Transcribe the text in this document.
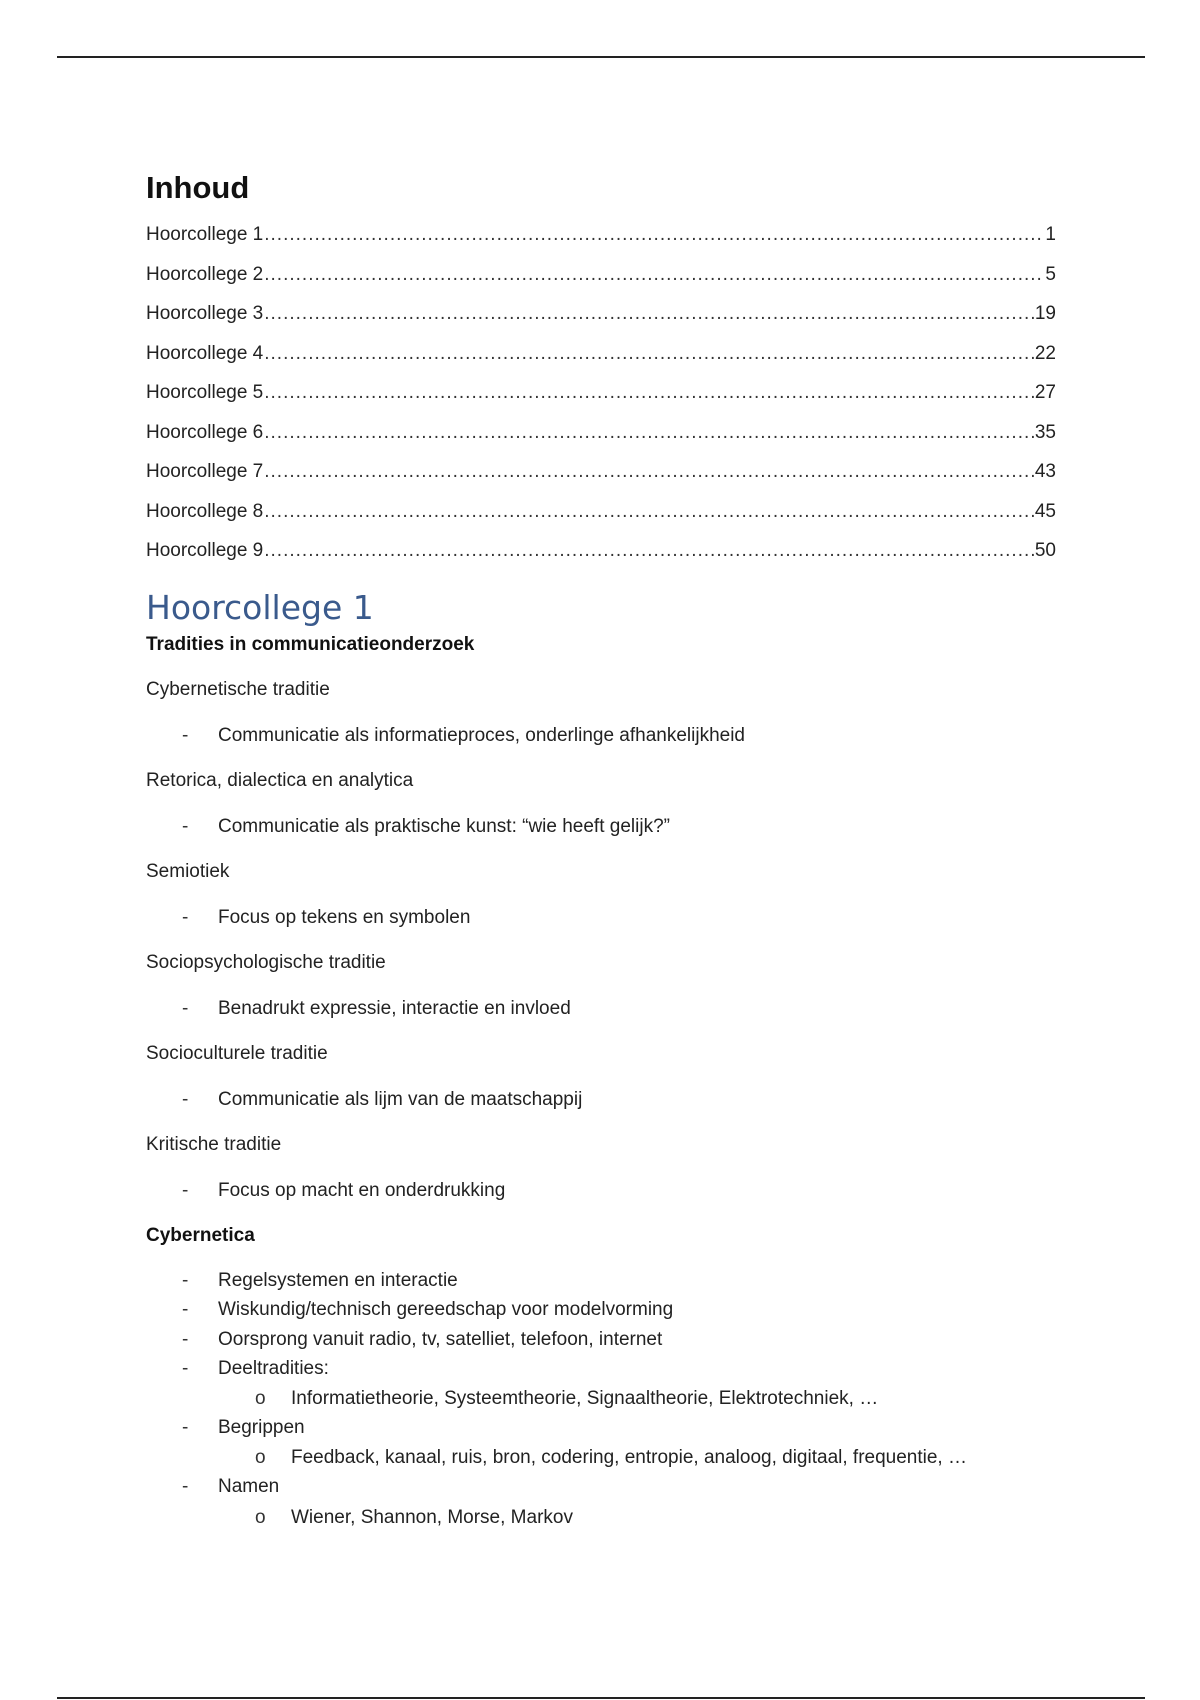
Inhoud
Hoorcollege 1 .....	1
Hoorcollege 2 .....	5
Hoorcollege 3 .....	19
Hoorcollege 4 .....	22
Hoorcollege 5 .....	27
Hoorcollege 6 .....	35
Hoorcollege 7 .....	43
Hoorcollege 8 .....	45
Hoorcollege 9 .....	50
Hoorcollege 1

Tradities in communicatieonderzoek

Cybernetische traditie

- Communicatie als informatieproces, onderlinge afhankelijkheid

Retorica, dialectica en analytica

- Communicatie als praktische kunst: “wie heeft gelijk?”

Semiotiek

- Focus op tekens en symbolen

Sociopsychologische traditie

- Benadrukt expressie, interactie en invloed

Socioculturele traditie

- Communicatie als lijm van de maatschappij

Kritische traditie

- Focus op macht en onderdrukking

Cybernetica

- Regelsystemen en interactie

- Wiskundig/technisch gereedschap voor modelvorming

- Oorsprong vanuit radio, tv, satelliet, telefoon, internet

- Deeltradities:

o Informatietheorie, Systeemtheorie, Signaaltheorie, Elektrotechniek, …

- Begrippen

o Feedback, kanaal, ruis, bron, codering, entropie, analoog, digitaal, frequentie, …

- Namen

o Wiener, Shannon, Morse, Markov
